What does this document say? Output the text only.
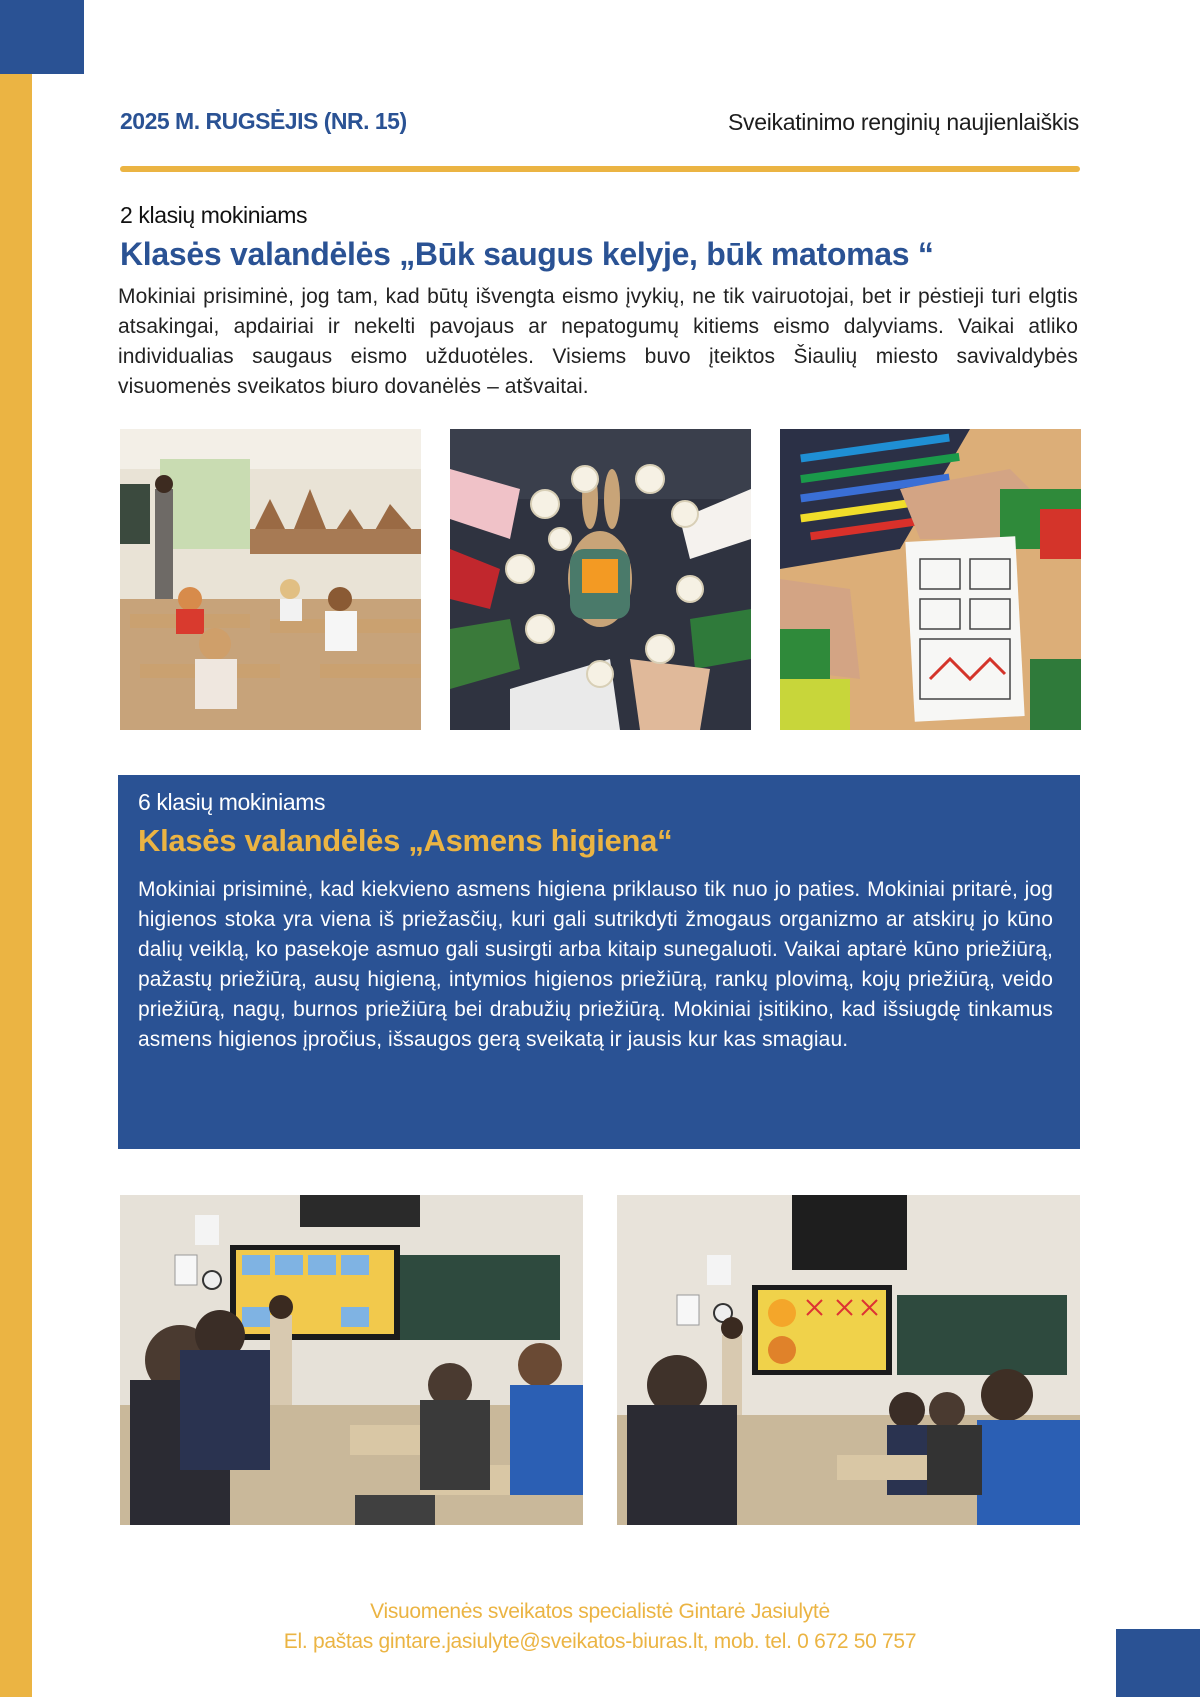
2025 M. RUGSĖJIS (NR. 15)	Sveikatinimo renginių naujienlaiškis
2 klasių mokiniams
Klasės valandėlės „Būk saugus kelyje, būk matomas “
Mokiniai prisiminė, jog tam, kad būtų išvengta eismo įvykių, ne tik vairuotojai, bet ir pėstieji turi elgtis atsakingai, apdairiai ir nekelti pavojaus ar nepatogumų kitiems eismo dalyviams. Vaikai atliko individualias saugaus eismo užduotėles. Visiems buvo įteiktos Šiaulių miesto savivaldybės visuomenės sveikatos biuro dovanėlės – atšvaitai.
6 klasių mokiniams
Klasės valandėlės „Asmens higiena“
Mokiniai prisiminė, kad kiekvieno asmens higiena priklauso tik nuo jo paties. Mokiniai pritarė, jog higienos stoka yra viena iš priežasčių, kuri gali sutrikdyti žmogaus organizmo ar atskirų jo kūno dalių veiklą, ko pasekoje asmuo gali susirgti arba kitaip sunegaluoti. Vaikai aptarė kūno priežiūrą, pažastų priežiūrą, ausų higieną, intymios higienos priežiūrą, rankų plovimą, kojų priežiūrą, veido priežiūrą, nagų, burnos priežiūrą bei drabužių priežiūrą. Mokiniai įsitikino, kad išsiugdę tinkamus asmens higienos įpročius, išsaugos gerą sveikatą ir jausis kur kas smagiau.
Visuomenės sveikatos specialistė Gintarė Jasiulytė
El. paštas gintare.jasiulyte@sveikatos-biuras.lt, mob. tel. 0 672 50 757
